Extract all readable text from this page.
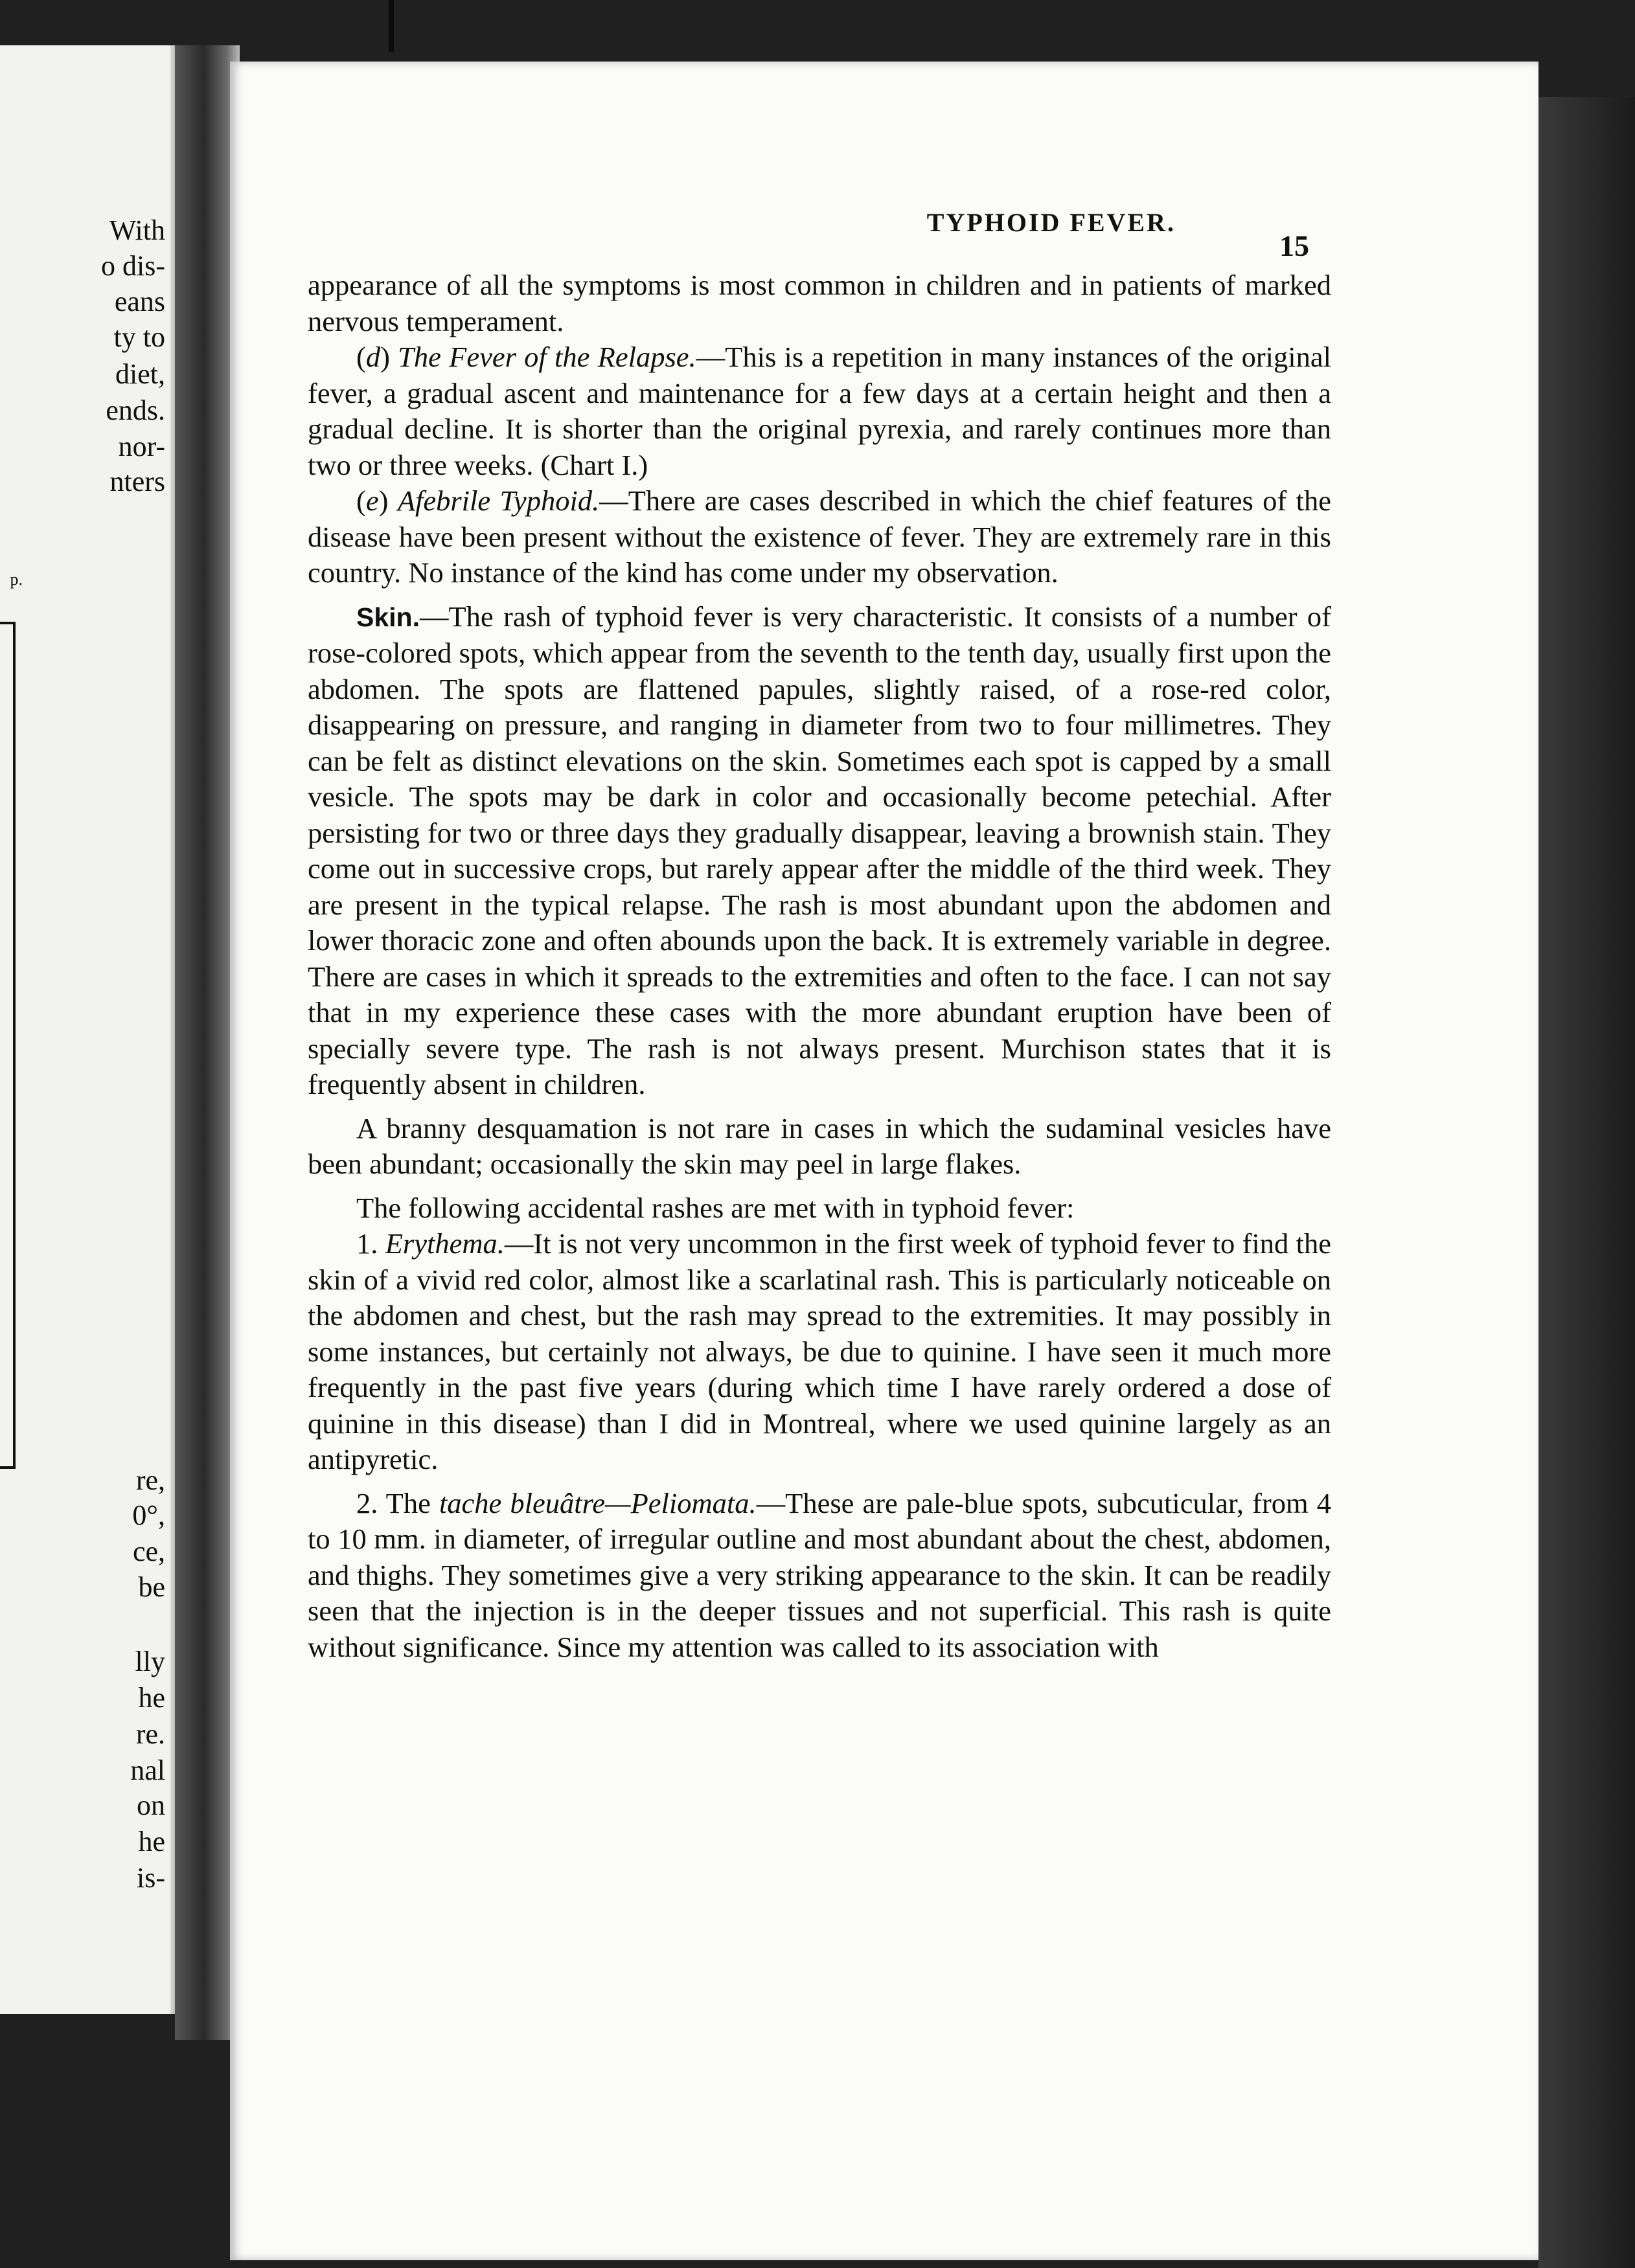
With
o dis-
eans
ty to
diet,
ends.
nor-
nters
p.
re,
0°,
ce,
be
lly
he
re.
nal
on
he
is-
TYPHOID FEVER.
15

appearance of all the symptoms is most common in children and in patients of marked nervous temperament.

(d) The Fever of the Relapse.—This is a repetition in many instances of the original fever, a gradual ascent and maintenance for a few days at a certain height and then a gradual decline. It is shorter than the original pyrexia, and rarely continues more than two or three weeks. (Chart I.)

(e) Afebrile Typhoid.—There are cases described in which the chief features of the disease have been present without the existence of fever. They are extremely rare in this country. No instance of the kind has come under my observation.

Skin.—The rash of typhoid fever is very characteristic. It consists of a number of rose-colored spots, which appear from the seventh to the tenth day, usually first upon the abdomen. The spots are flattened papules, slightly raised, of a rose-red color, disappearing on pressure, and ranging in diameter from two to four millimetres. They can be felt as distinct elevations on the skin. Sometimes each spot is capped by a small vesicle. The spots may be dark in color and occasionally become petechial. After persisting for two or three days they gradually disappear, leaving a brownish stain. They come out in successive crops, but rarely appear after the middle of the third week. They are present in the typical relapse. The rash is most abundant upon the abdomen and lower thoracic zone and often abounds upon the back. It is extremely variable in degree. There are cases in which it spreads to the extremities and often to the face. I can not say that in my experience these cases with the more abundant eruption have been of specially severe type. The rash is not always present. Murchison states that it is frequently absent in children.

A branny desquamation is not rare in cases in which the sudaminal vesicles have been abundant; occasionally the skin may peel in large flakes.

The following accidental rashes are met with in typhoid fever:

1. Erythema.—It is not very uncommon in the first week of typhoid fever to find the skin of a vivid red color, almost like a scarlatinal rash. This is particularly noticeable on the abdomen and chest, but the rash may spread to the extremities. It may possibly in some instances, but certainly not always, be due to quinine. I have seen it much more frequently in the past five years (during which time I have rarely ordered a dose of quinine in this disease) than I did in Montreal, where we used quinine largely as an antipyretic.

2. The tache bleuâtre—Peliomata.—These are pale-blue spots, subcuticular, from 4 to 10 mm. in diameter, of irregular outline and most abundant about the chest, abdomen, and thighs. They sometimes give a very striking appearance to the skin. It can be readily seen that the injection is in the deeper tissues and not superficial. This rash is quite without significance. Since my attention was called to its association with
